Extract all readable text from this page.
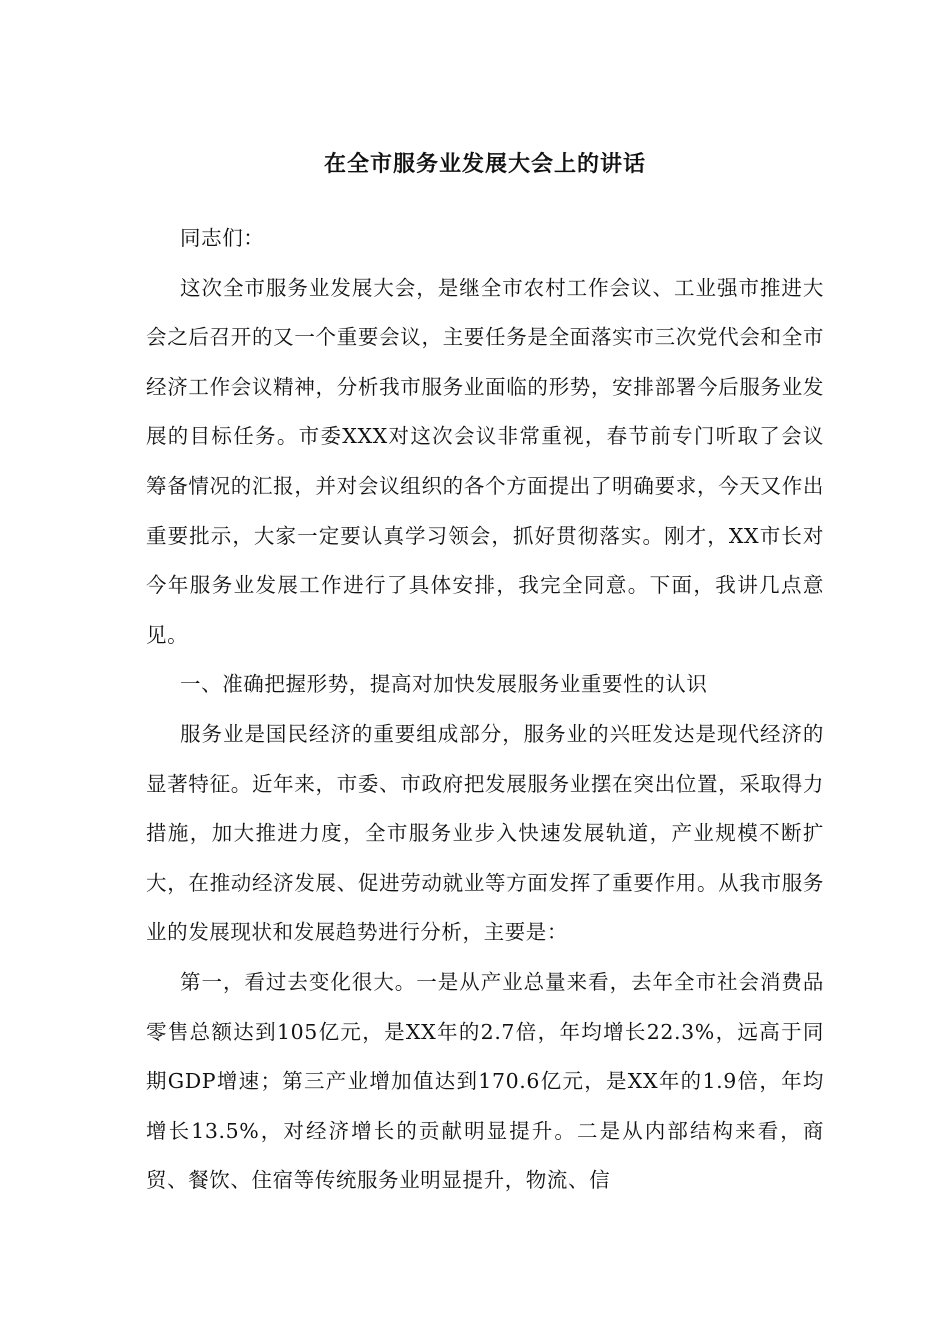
在全市服务业发展大会上的讲话

同志们：

这次全市服务业发展大会，是继全市农村工作会议、工业强市推进大会之后召开的又一个重要会议，主要任务是全面落实市三次党代会和全市经济工作会议精神，分析我市服务业面临的形势，安排部署今后服务业发展的目标任务。市委XXX对这次会议非常重视，春节前专门听取了会议筹备情况的汇报，并对会议组织的各个方面提出了明确要求，今天又作出重要批示，大家一定要认真学习领会，抓好贯彻落实。刚才，XX市长对今年服务业发展工作进行了具体安排，我完全同意。下面，我讲几点意见。

一、准确把握形势，提高对加快发展服务业重要性的认识

服务业是国民经济的重要组成部分，服务业的兴旺发达是现代经济的显著特征。近年来，市委、市政府把发展服务业摆在突出位置，采取得力措施，加大推进力度，全市服务业步入快速发展轨道，产业规模不断扩大，在推动经济发展、促进劳动就业等方面发挥了重要作用。从我市服务业的发展现状和发展趋势进行分析，主要是：

第一，看过去变化很大。一是从产业总量来看，去年全市社会消费品零售总额达到105亿元，是XX年的2.7倍，年均增长22.3%，远高于同期GDP增速；第三产业增加值达到170.6亿元，是XX年的1.9倍，年均增长13.5%，对经济增长的贡献明显提升。二是从内部结构来看，商贸、餐饮、住宿等传统服务业明显提升，物流、信
